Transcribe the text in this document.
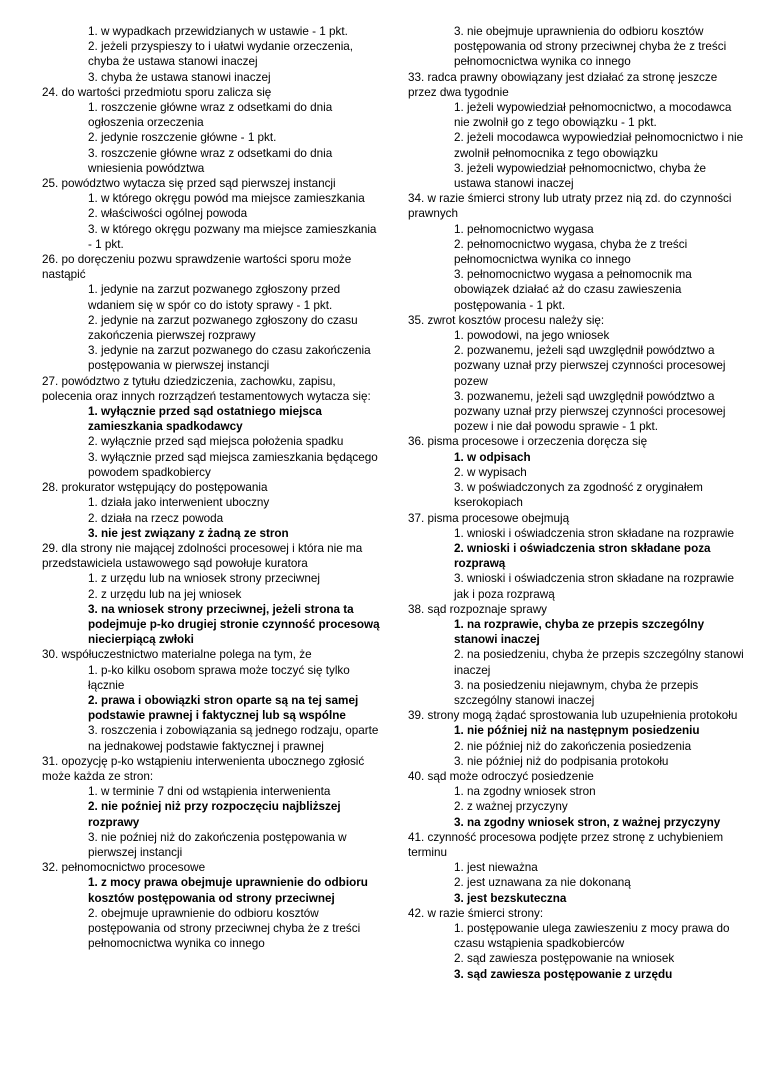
1. w wypadkach przewidzianych w ustawie - 1 pkt.

2. jeżeli przyspieszy to i ułatwi wydanie orzeczenia, chyba że ustawa stanowi inaczej

3. chyba że ustawa stanowi inaczej

24. do wartości przedmiotu sporu zalicza się

1. roszczenie główne wraz z odsetkami do dnia ogłoszenia orzeczenia

2. jedynie roszczenie główne - 1 pkt.

3. roszczenie główne wraz z odsetkami do dnia wniesienia powództwa

25. powództwo wytacza się przed sąd pierwszej instancji

1. w którego okręgu powód ma miejsce zamieszkania

2. właściwości ogólnej powoda

3. w którego okręgu pozwany ma miejsce zamieszkania - 1 pkt.

26. po doręczeniu pozwu sprawdzenie wartości sporu może nastąpić

1. jedynie na zarzut pozwanego zgłoszony przed wdaniem się w spór co do istoty sprawy - 1 pkt.

2. jedynie na zarzut pozwanego zgłoszony do czasu zakończenia pierwszej rozprawy

3. jedynie na zarzut pozwanego do czasu zakończenia postępowania w pierwszej instancji

27. powództwo z tytułu dziedziczenia, zachowku, zapisu, polecenia oraz innych rozrządzeń testamentowych wytacza się:

1. wyłącznie przed sąd ostatniego miejsca zamieszkania spadkodawcy

2. wyłącznie przed sąd miejsca położenia spadku

3. wyłącznie przed sąd miejsca zamieszkania będącego powodem spadkobiercy

28. prokurator wstępujący do postępowania

1. działa jako interwenient uboczny

2. działa na rzecz powoda

3. nie jest związany z żadną ze stron

29. dla strony nie mającej zdolności procesowej i która nie ma przedstawiciela ustawowego sąd powołuje kuratora

1. z urzędu lub na wniosek strony przeciwnej

2. z urzędu lub na jej wniosek

3. na wniosek strony przeciwnej, jeżeli strona ta podejmuje p-ko drugiej stronie czynność procesową niecierpiącą zwłoki

30. współuczestnictwo materialne polega na tym, że

1. p-ko kilku osobom sprawa może toczyć się tylko łącznie

2. prawa i obowiązki stron oparte są na tej samej podstawie prawnej i faktycznej lub są wspólne

3. roszczenia i zobowiązania są jednego rodzaju, oparte na jednakowej podstawie faktycznej i prawnej

31. opozycję p-ko wstąpieniu interwenienta ubocznego zgłosić może każda ze stron:

1. w terminie 7 dni od wstąpienia interwenienta

2. nie poźniej niż przy rozpoczęciu najbliższej rozprawy

3. nie poźniej niż do zakończenia postępowania w pierwszej instancji

32. pełnomocnictwo procesowe

1. z mocy prawa obejmuje uprawnienie do odbioru kosztów postępowania od strony przeciwnej

2. obejmuje uprawnienie do odbioru kosztów postępowania od strony przeciwnej chyba że z treści pełnomocnictwa wynika co innego

3. nie obejmuje uprawnienia do odbioru kosztów postępowania od strony przeciwnej chyba że z treści pełnomocnictwa wynika co innego

33. radca prawny obowiązany jest działać za stronę jeszcze przez dwa tygodnie

1. jeżeli wypowiedział pełnomocnictwo, a mocodawca nie zwolnił go z tego obowiązku - 1 pkt.

2. jeżeli mocodawca wypowiedział pełnomocnictwo i nie zwolnił pełnomocnika z tego obowiązku

3. jeżeli wypowiedział pełnomocnictwo, chyba że ustawa stanowi inaczej

34. w razie śmierci strony lub utraty przez nią zd. do czynności prawnych

1. pełnomocnictwo wygasa

2. pełnomocnictwo wygasa, chyba że z treści pełnomocnictwa wynika co innego

3. pełnomocnictwo wygasa a pełnomocnik ma obowiązek działać aż do czasu zawieszenia postępowania - 1 pkt.

35. zwrot kosztów procesu należy się:

1. powodowi, na jego wniosek

2. pozwanemu, jeżeli sąd uwzględnił powództwo a pozwany uznał przy pierwszej czynności procesowej pozew

3. pozwanemu, jeżeli sąd uwzględnił powództwo a pozwany uznał przy pierwszej czynności procesowej pozew i nie dał powodu sprawie - 1 pkt.

36. pisma procesowe i orzeczenia doręcza się

1. w odpisach

2. w wypisach

3. w poświadczonych za zgodność z oryginałem kserokopiach

37. pisma procesowe obejmują

1. wnioski i oświadczenia stron składane na rozprawie

2. wnioski i oświadczenia stron składane poza rozprawą

3. wnioski i oświadczenia stron składane na rozprawie jak i poza rozprawą

38. sąd rozpoznaje sprawy

1. na rozprawie, chyba ze przepis szczególny stanowi inaczej

2. na posiedzeniu, chyba że przepis szczególny stanowi inaczej

3. na posiedzeniu niejawnym, chyba że przepis szczególny stanowi inaczej

39. strony mogą żądać sprostowania lub uzupełnienia protokołu

1. nie później niż na następnym posiedzeniu

2. nie później niż do zakończenia posiedzenia

3. nie później niż do podpisania protokołu

40. sąd może odroczyć posiedzenie

1. na zgodny wniosek stron

2. z ważnej przyczyny

3. na zgodny wniosek stron, z ważnej przyczyny

41. czynność procesowa podjęte przez stronę z uchybieniem terminu

1. jest nieważna

2. jest uznawana za nie dokonaną

3. jest bezskuteczna

42. w razie śmierci strony:

1. postępowanie ulega zawieszeniu z mocy prawa do czasu wstąpienia spadkobierców

2. sąd zawiesza postępowanie na wniosek

3. sąd zawiesza postępowanie z urzędu
